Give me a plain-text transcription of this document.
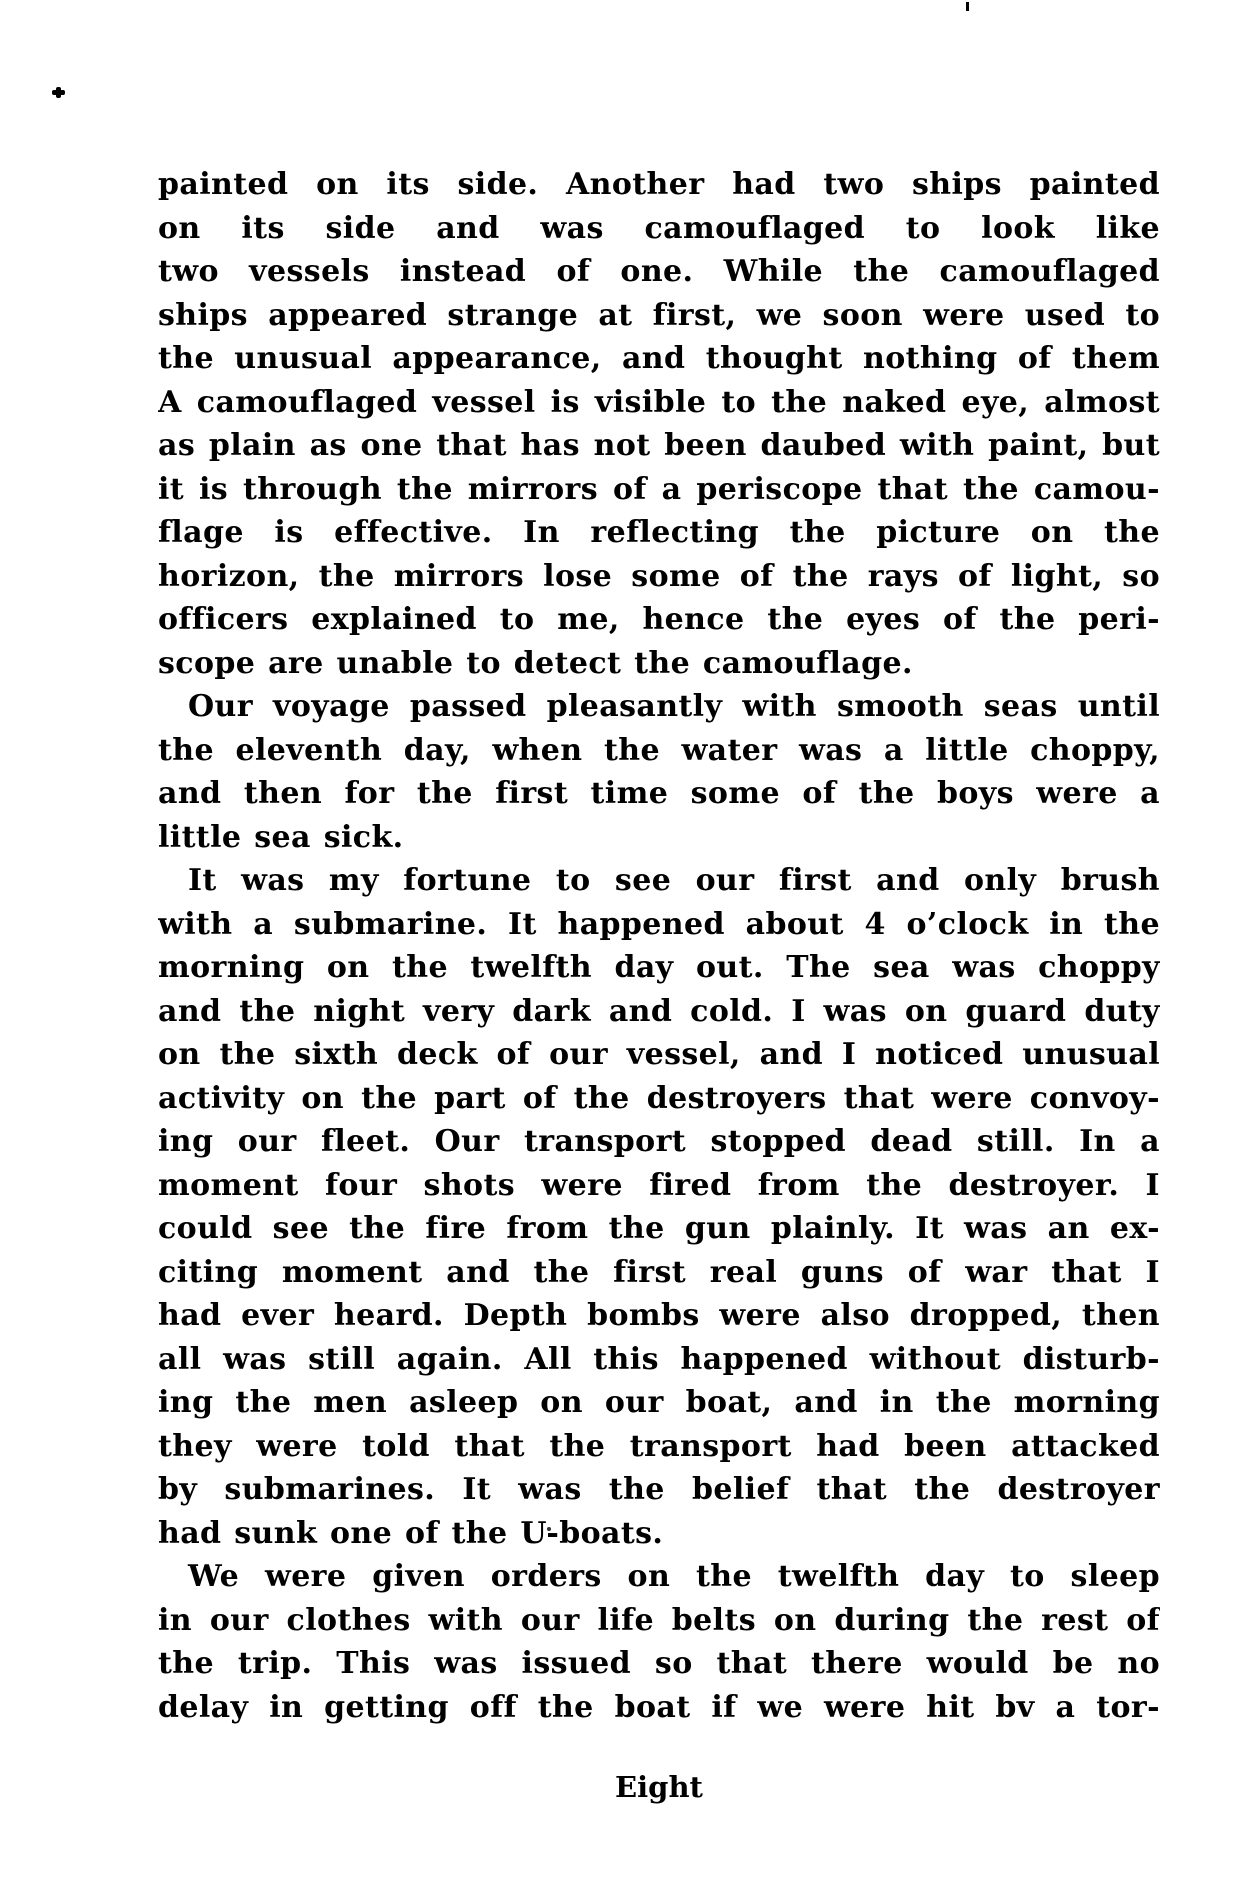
painted on its side. Another had two ships painted
on its side and was camouflaged to look like
two vessels instead of one. While the camouflaged
ships appeared strange at first, we soon were used to
the unusual appearance, and thought nothing of them
A camouflaged vessel is visible to the naked eye, almost
as plain as one that has not been daubed with paint, but
it is through the mirrors of a periscope that the camou-
flage is effective. In reflecting the picture on the
horizon, the mirrors lose some of the rays of light, so
officers explained to me, hence the eyes of the peri-
scope are unable to detect the camouflage.
Our voyage passed pleasantly with smooth seas until
the eleventh day, when the water was a little choppy,
and then for the first time some of the boys were a
little sea sick.
It was my fortune to see our first and only brush
with a submarine. It happened about 4 o’clock in the
morning on the twelfth day out. The sea was choppy
and the night very dark and cold. I was on guard duty
on the sixth deck of our vessel, and I noticed unusual
activity on the part of the destroyers that were convoy-
ing our fleet. Our transport stopped dead still. In a
moment four shots were fired from the destroyer. I
could see the fire from the gun plainly. It was an ex-
citing moment and the first real guns of war that I
had ever heard. Depth bombs were also dropped, then
all was still again. All this happened without disturb-
ing the men asleep on our boat, and in the morning
they were told that the transport had been attacked
by submarines. It was the belief that the destroyer
had sunk one of the U-boats.
We were given orders on the twelfth day to sleep
in our clothes with our life belts on during the rest of
the trip. This was issued so that there would be no
delay in getting off the boat if we were hit bv a tor-
Eight
